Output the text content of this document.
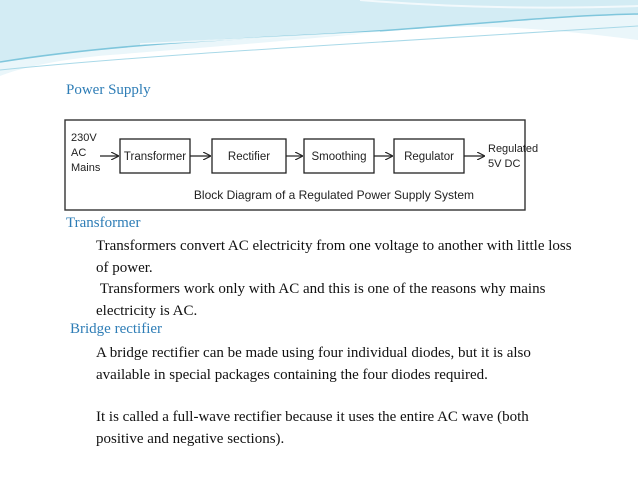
Power Supply
230V
AC
Mains
Transformer	Rectifier	Smoothing	Regulator
Regulated
5V DC
Block Diagram of a Regulated Power Supply System
Transformer

Transformers convert AC electricity from one voltage to another with little loss of power.

Transformers work only with AC and this is one of the reasons why mains electricity is AC.

Bridge rectifier

A bridge rectifier can be made using four individual diodes, but it is also available in special packages containing the four diodes required.

It is called a full-wave rectifier because it uses the entire AC wave (both positive and negative sections).
